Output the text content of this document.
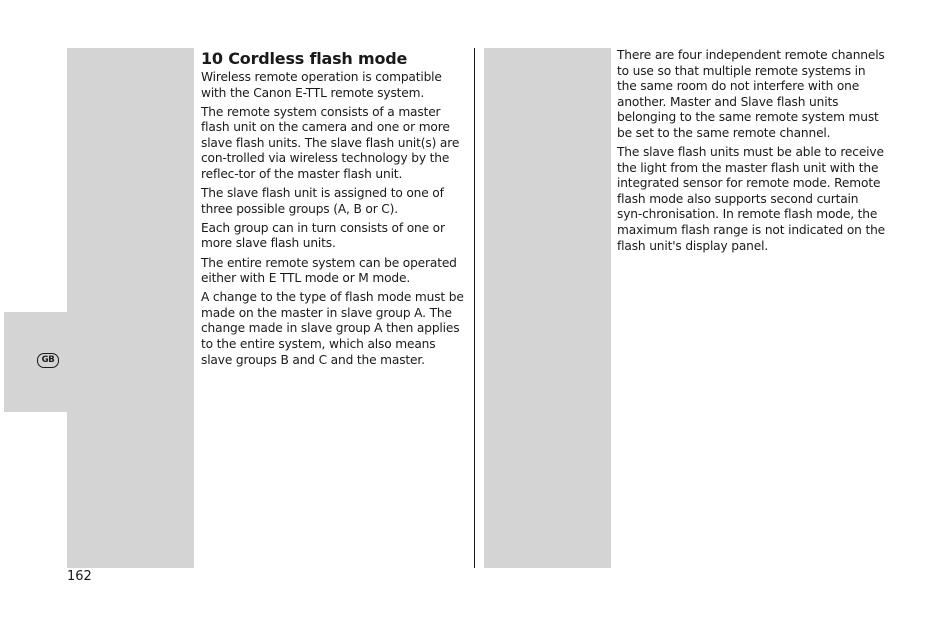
GB
10 Cordless flash mode

Wireless remote operation is compatible with the Canon E-TTL remote system.

The remote system consists of a master flash unit on the camera and one or more slave flash units. The slave flash unit(s) are con-trolled via wireless technology by the reflec-tor of the master flash unit.

The slave flash unit is assigned to one of three possible groups (A, B or C).

Each group can in turn consists of one or more slave flash units.

The entire remote system can be operated either with E TTL mode or M mode.

A change to the type of flash mode must be made on the master in slave group A. The change made in slave group A then applies to the entire system, which also means slave groups B and C and the master.

There are four independent remote channels to use so that multiple remote systems in the same room do not interfere with one another. Master and Slave flash units belonging to the same remote system must be set to the same remote channel.

The slave flash units must be able to receive the light from the master flash unit with the integrated sensor for remote mode. Remote flash mode also supports second curtain syn-chronisation. In remote flash mode, the maximum flash range is not indicated on the flash unit's display panel.

162
